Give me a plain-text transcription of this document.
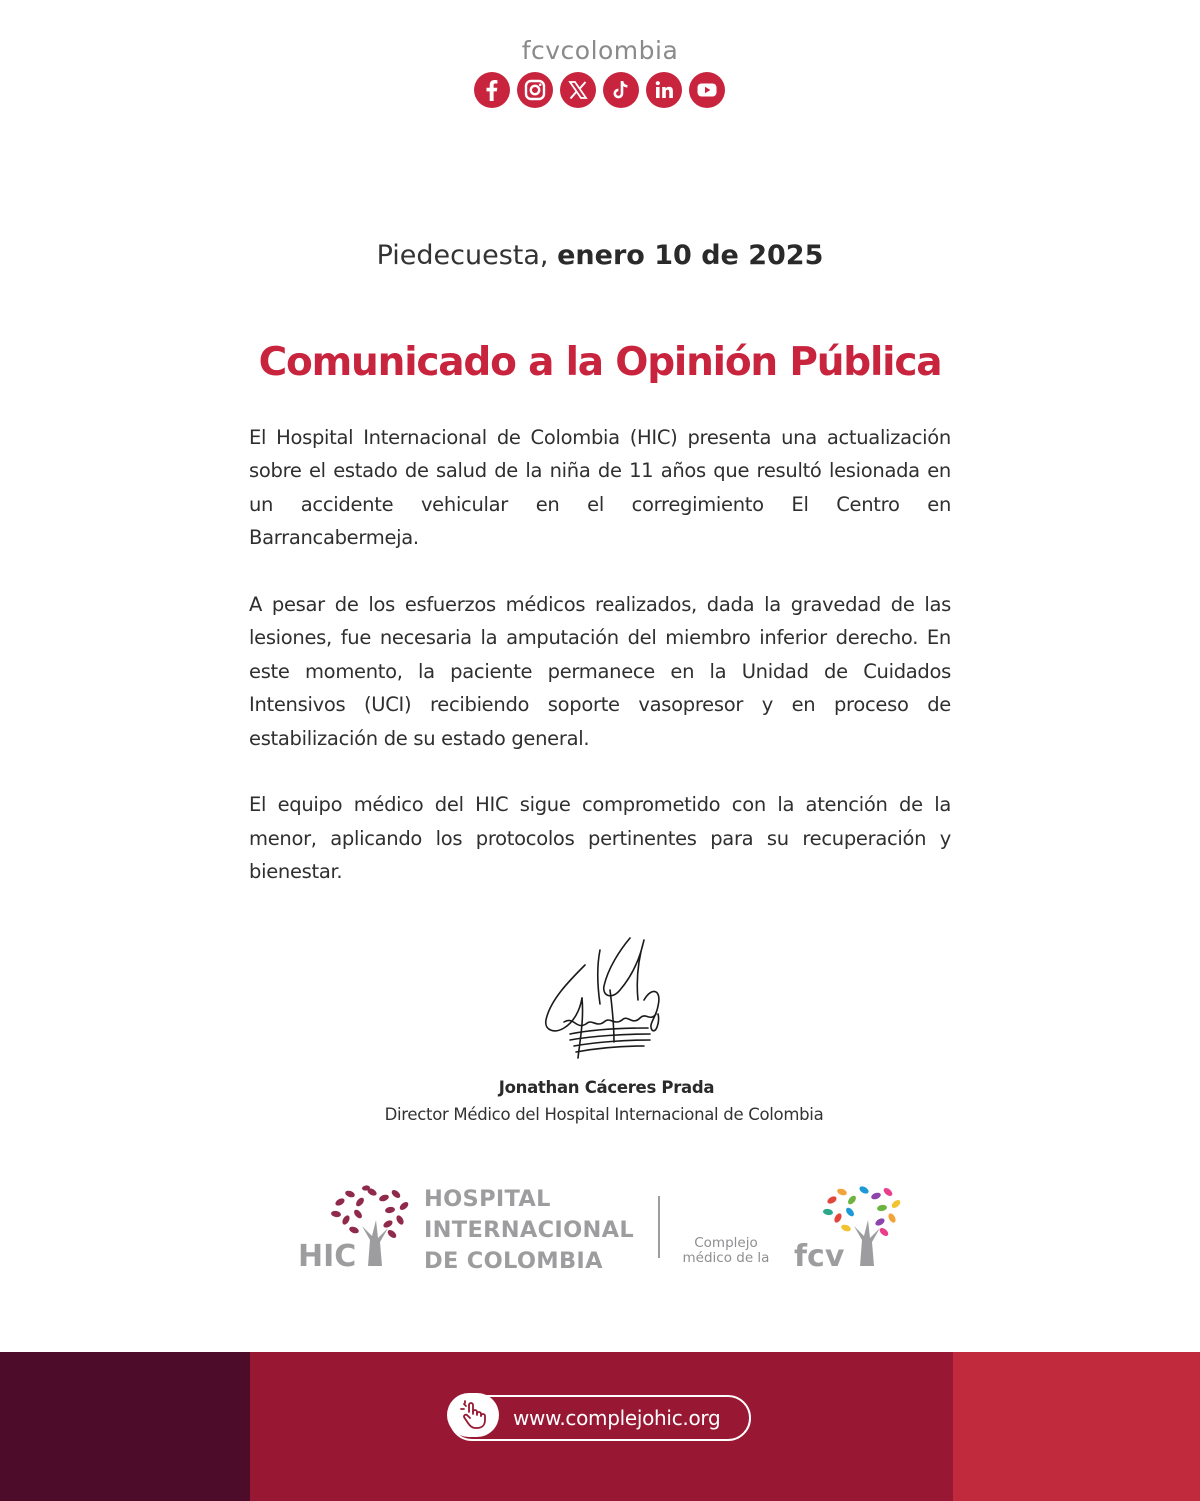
fcvcolombia
Piedecuesta, enero 10 de 2025
Comunicado a la Opinión Pública

El Hospital Internacional de Colombia (HIC) presenta una actualización sobre el estado de salud de la niña de 11 años que resultó lesionada en un accidente vehicular en el corregimiento El Centro en Barrancabermeja.

A pesar de los esfuerzos médicos realizados, dada la gravedad de las lesiones, fue necesaria la amputación del miembro inferior derecho. En este momento, la paciente permanece en la Unidad de Cuidados Intensivos (UCI) recibiendo soporte vasopresor y en proceso de estabilización de su estado general.

El equipo médico del HIC sigue comprometido con la atención de la menor, aplicando los protocolos pertinentes para su recuperación y bienestar.

Jonathan Cáceres Prada
Director Médico del Hospital Internacional de Colombia
HIC
HOSPITAL
INTERNACIONAL
DE COLOMBIA
Complejo
médico de la fcv
www.complejohic.org
